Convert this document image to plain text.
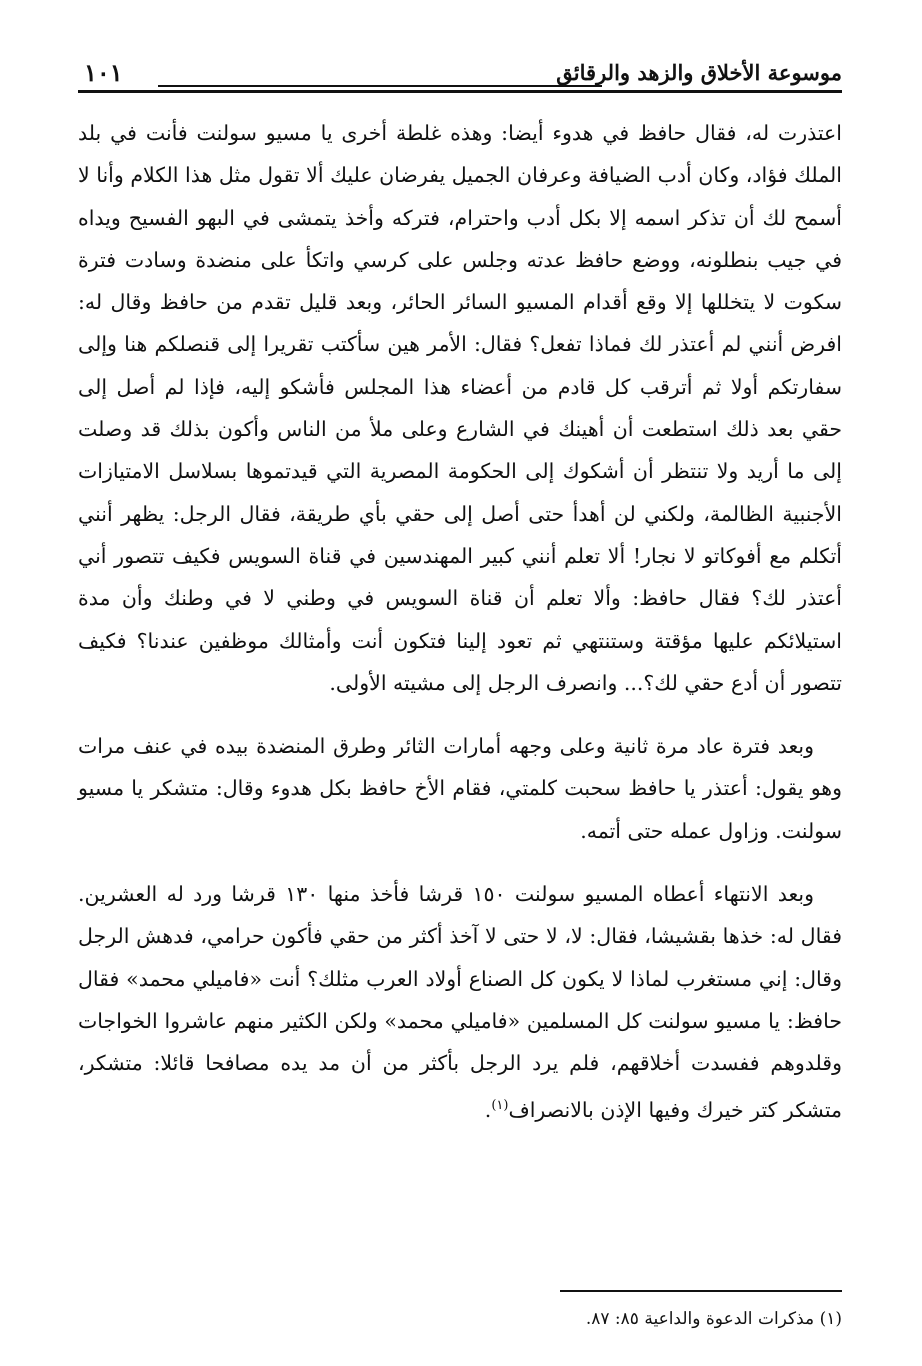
موسوعة الأخلاق والزهد والرقائق
١٠١

اعتذرت له، فقال حافظ في هدوء أيضا: وهذه غلطة أخرى يا مسيو سولنت فأنت في بلد الملك فؤاد، وكان أدب الضيافة وعرفان الجميل يفرضان عليك ألا تقول مثل هذا الكلام وأنا لا أسمح لك أن تذكر اسمه إلا بكل أدب واحترام، فتركه وأخذ يتمشى في البهو الفسيح ويداه في جيب بنطلونه، ووضع حافظ عدته وجلس على كرسي واتكأ على منضدة وسادت فترة سكوت لا يتخللها إلا وقع أقدام المسيو السائر الحائر، وبعد قليل تقدم من حافظ وقال له: افرض أنني لم أعتذر لك فماذا تفعل؟ فقال: الأمر هين سأكتب تقريرا إلى قنصلكم هنا وإلى سفارتكم أولا ثم أترقب كل قادم من أعضاء هذا المجلس فأشكو إليه، فإذا لم أصل إلى حقي بعد ذلك استطعت أن أهينك في الشارع وعلى ملأ من الناس وأكون بذلك قد وصلت إلى ما أريد ولا تنتظر أن أشكوك إلى الحكومة المصرية التي قيدتموها بسلاسل الامتيازات الأجنبية الظالمة، ولكني لن أهدأ حتى أصل إلى حقي بأي طريقة، فقال الرجل: يظهر أنني أتكلم مع أفوكاتو لا نجار! ألا تعلم أنني كبير المهندسين في قناة السويس فكيف تتصور أني أعتذر لك؟ فقال حافظ: وألا تعلم أن قناة السويس في وطني لا في وطنك وأن مدة استيلائكم عليها مؤقتة وستنتهي ثم تعود إلينا فتكون أنت وأمثالك موظفين عندنا؟ فكيف تتصور أن أدع حقي لك؟... وانصرف الرجل إلى مشيته الأولى.

وبعد فترة عاد مرة ثانية وعلى وجهه أمارات الثائر وطرق المنضدة بيده في عنف مرات وهو يقول: أعتذر يا حافظ سحبت كلمتي، فقام الأخ حافظ بكل هدوء وقال: متشكر يا مسيو سولنت. وزاول عمله حتى أتمه.

وبعد الانتهاء أعطاه المسيو سولنت ١٥٠ قرشا فأخذ منها ١٣٠ قرشا ورد له العشرين. فقال له: خذها بقشيشا، فقال: لا، لا حتى لا آخذ أكثر من حقي فأكون حرامي، فدهش الرجل وقال: إني مستغرب لماذا لا يكون كل الصناع أولاد العرب مثلك؟ أنت «فاميلي محمد» فقال حافظ: يا مسيو سولنت كل المسلمين «فاميلي محمد» ولكن الكثير منهم عاشروا الخواجات وقلدوهم ففسدت أخلاقهم، فلم يرد الرجل بأكثر من أن مد يده مصافحا قائلا: متشكر، متشكر كتر خيرك وفيها الإذن بالانصراف$^{(١)}$.

(١) مذكرات الدعوة والداعية ٨٥: ٨٧.
